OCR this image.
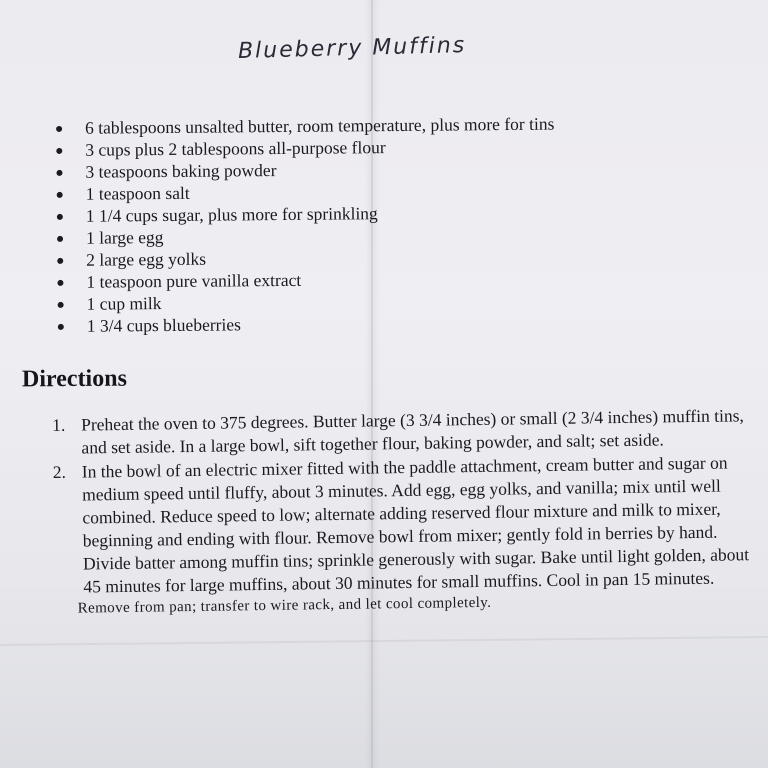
Blueberry Muffins
6 tablespoons unsalted butter, room temperature, plus more for tins
3 cups plus 2 tablespoons all-purpose flour
3 teaspoons baking powder
1 teaspoon salt
1 1/4 cups sugar, plus more for sprinkling
1 large egg
2 large egg yolks
1 teaspoon pure vanilla extract
1 cup milk
1 3/4 cups blueberries
Directions
1. Preheat the oven to 375 degrees. Butter large (3 3/4 inches) or small (2 3/4 inches) muffin tins, and set aside. In a large bowl, sift together flour, baking powder, and salt; set aside.
2. In the bowl of an electric mixer fitted with the paddle attachment, cream butter and sugar on medium speed until fluffy, about 3 minutes. Add egg, egg yolks, and vanilla; mix until well combined. Reduce speed to low; alternate adding reserved flour mixture and milk to mixer, beginning and ending with flour. Remove bowl from mixer; gently fold in berries by hand. Divide batter among muffin tins; sprinkle generously with sugar. Bake until light golden, about 45 minutes for large muffins, about 30 minutes for small muffins. Cool in pan 15 minutes.
Remove from pan; transfer to wire rack, and let cool completely.
